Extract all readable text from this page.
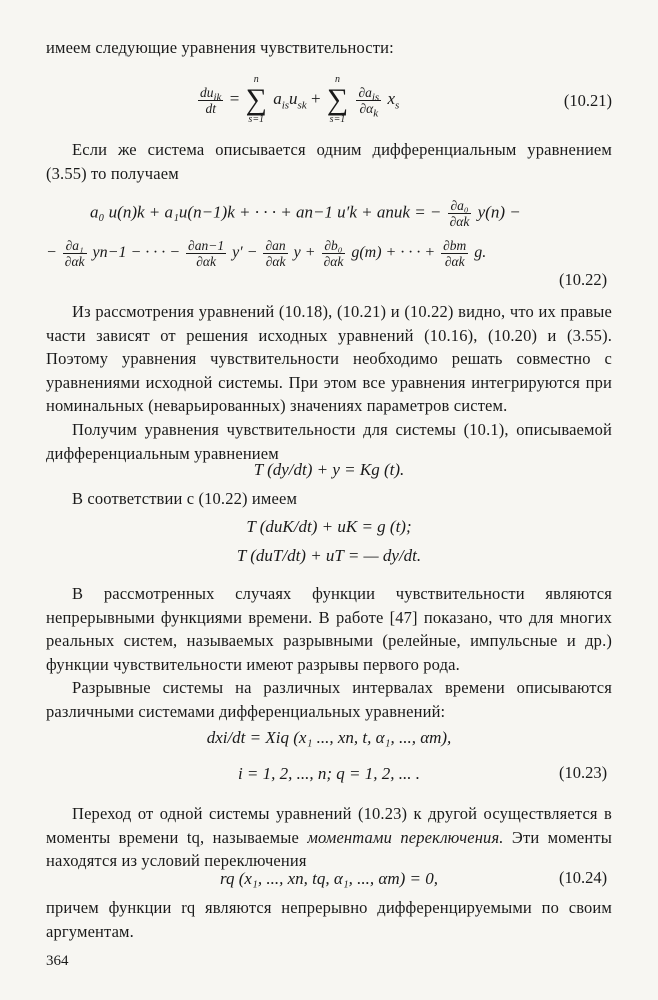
имеем следующие уравнения чувствительности:
$\frac{du_{ik}}{dt}$ =
n
∑
s=1
$a_{is}u_{sk}$ +
n
∑
s=1

$\frac{\partial a_{is}}{\partial\alpha_k} x_s$	(10.21)
Если же система описывается одним дифференциальным уравнением (3.55) то получаем
a₀ u(n)k + a₁u(n−1)k + · · · + an−1 u′k + anuk = − $\frac{\text{∂a₀}}{\partial\alpha k} y(n)$ −
− $\frac{\text{∂a₁}}{\partial\alpha k} yn-1$ − · · · − $\frac{\partial an-1}{\partial\alpha k} y' - \frac{\partial an}{\partial\alpha k}$ $y + \frac{\text{∂b₀}}{\partial\alpha k} g(m)$ + · · · + $\frac{\partial bm}{\partial\alpha k} g$.
(10.22)
Из рассмотрения уравнений (10.18), (10.21) и (10.22) видно, что их правые части зависят от решения исходных уравнений (10.16), (10.20) и (3.55). Поэтому уравнения чувствительности необходимо решать совместно с уравнениями исходной системы. При этом все уравнения интегрируются при номинальных (неварьированных) значениях параметров систем.
Получим уравнения чувствительности для системы (10.1), описываемой дифференциальным уравнением
T (dy/dt) + y = Kg (t).
В соответствии с (10.22) имеем
T (duK/dt) + uK = g (t);
T (duT/dt) + uT = — dy/dt.
В рассмотренных случаях функции чувствительности являются непрерывными функциями времени. В работе [47] показано, что для многих реальных систем, называемых разрывными (релейные, импульсные и др.) функции чувствительности имеют разрывы первого рода.
Разрывные системы на различных интервалах времени описываются различными системами дифференциальных уравнений:
dxi/dt = Xiq (x₁ ..., xn, t, α₁, ..., αm),
i = 1, 2, ..., n; q = 1, 2, ... .	(10.23)
Переход от одной системы уравнений (10.23) к другой осуществляется в моменты времени tq, называемые моментами переключения. Эти моменты находятся из условий переключения
rq (x₁, ..., xn, tq, α₁, ..., αm) = 0,	(10.24)
причем функции rq являются непрерывно дифференцируемыми по своим аргументам.
364
